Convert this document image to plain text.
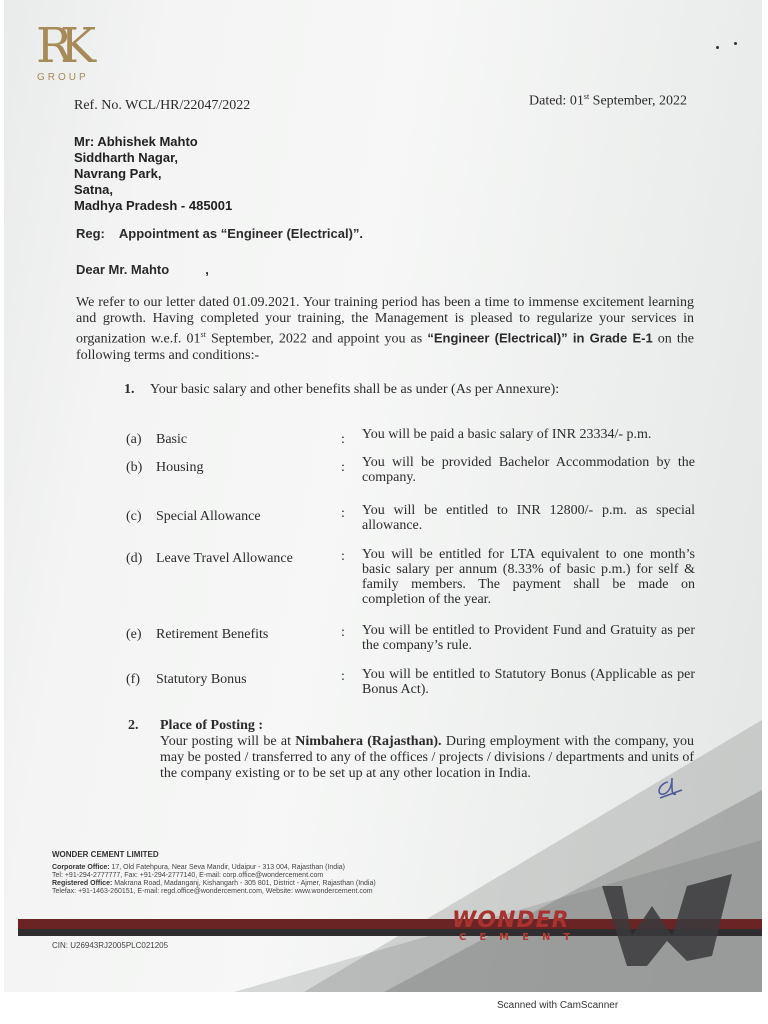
RK
GROUP
Ref. No. WCL/HR/22047/2022	Dated: 01st September, 2022
Mr: Abhishek Mahto
Siddharth Nagar,
Navrang Park,
Satna,
Madhya Pradesh - 485001
Reg: Appointment as “Engineer (Electrical)”.
Dear Mr. Mahto          ,
We refer to our letter dated 01.09.2021. Your training period has been a time to immense excitement learning and growth. Having completed your training, the Management is pleased to regularize your services in organization w.e.f. 01st September, 2022 and appoint you as “Engineer (Electrical)” in Grade E-1 on the following terms and conditions:-
1. Your basic salary and other benefits shall be as under (As per Annexure):
(a) Basic	: You will be paid a basic salary of INR 23334/- p.m.
(b) Housing	: You will be provided Bachelor Accommodation by the company.
(c) Special Allowance	: You will be entitled to INR 12800/- p.m. as special allowance.
(d) Leave Travel Allowance	: You will be entitled for LTA equivalent to one month’s basic salary per annum (8.33% of basic p.m.) for self & family members. The payment shall be made on completion of the year.
(e) Retirement Benefits	: You will be entitled to Provident Fund and Gratuity as per the company’s rule.
(f) Statutory Bonus	: You will be entitled to Statutory Bonus (Applicable as per Bonus Act).
2. Place of Posting :
Your posting will be at Nimbahera (Rajasthan). During employment with the company, you may be posted / transferred to any of the offices / projects / divisions / departments and units of the company existing or to be set up at any other location in India.
WONDER CEMENT LIMITED
Corporate Office: 17, Old Fatehpura, Near Seva Mandir, Udaipur - 313 004, Rajasthan (India)
Tel: +91-294-2777777, Fax: +91-294-2777140, E-mail: corp.office@wondercement.com
Registered Office: Makrana Road, Madanganj, Kishangarh - 305 801, District - Ajmer, Rajasthan (India)
Telefax: +91-1463-260151, E-mail: regd.office@wondercement.com, Website: www.wondercement.com
WONDER
CEMENT
CIN: U26943RJ2005PLC021205
Scanned with CamScanner
